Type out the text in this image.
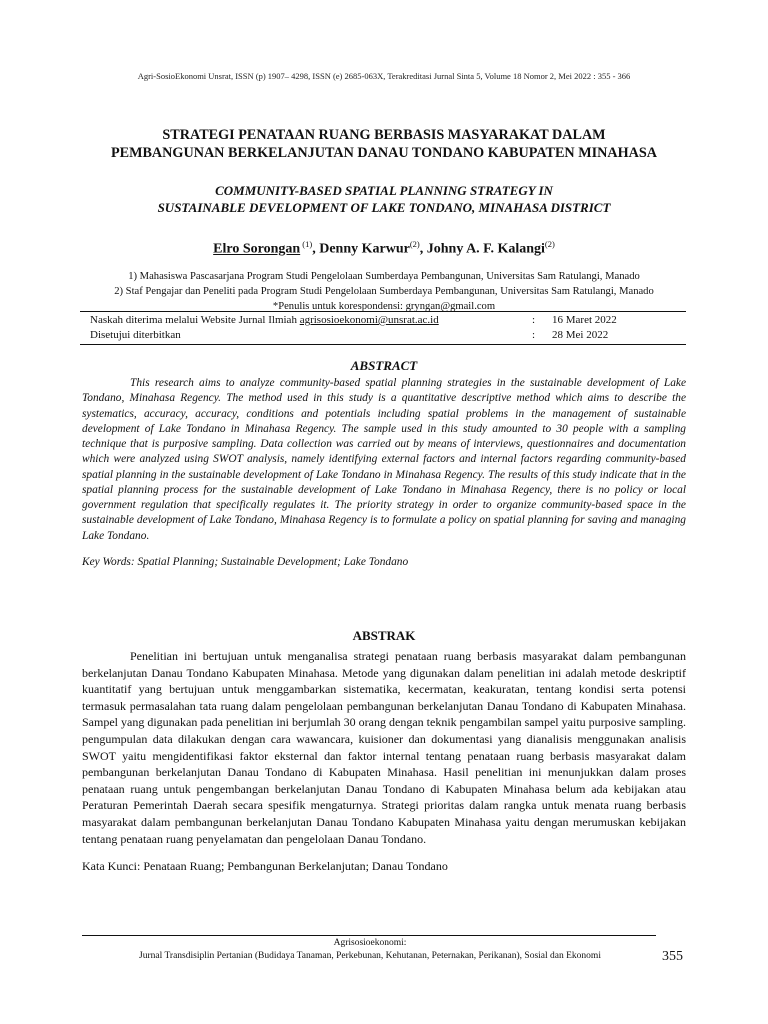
Agri-SosioEkonomi Unsrat, ISSN (p) 1907– 4298, ISSN (e) 2685-063X, Terakreditasi Jurnal Sinta 5, Volume 18 Nomor 2, Mei 2022 : 355 - 366

STRATEGI PENATAAN RUANG BERBASIS MASYARAKAT DALAM
PEMBANGUNAN BERKELANJUTAN DANAU TONDANO KABUPATEN MINAHASA

COMMUNITY-BASED SPATIAL PLANNING STRATEGY IN
SUSTAINABLE DEVELOPMENT OF LAKE TONDANO, MINAHASA DISTRICT

Elro Sorongan $^{(1)}$, Denny Karwur$^{(2)}$, Johny A. F. Kalangi$^{(2)}$
1) Mahasiswa Pascasarjana Program Studi Pengelolaan Sumberdaya Pembangunan, Universitas Sam Ratulangi, Manado
2) Staf Pengajar dan Peneliti pada Program Studi Pengelolaan Sumberdaya Pembangunan, Universitas Sam Ratulangi, Manado
*Penulis untuk korespondensi: gryngan@gmail.com
Naskah diterima melalui Website Jurnal Ilmiah agrisosioekonomi@unsrat.ac.id	:	16 Maret 2022
Disetujui diterbitkan	:	28 Mei 2022
ABSTRACT

This research aims to analyze community-based spatial planning strategies in the sustainable development of Lake Tondano, Minahasa Regency. The method used in this study is a quantitative descriptive method which aims to describe the systematics, accuracy, accuracy, conditions and potentials including spatial problems in the management of sustainable development of Lake Tondano in Minahasa Regency. The sample used in this study amounted to 30 people with a sampling technique that is purposive sampling. Data collection was carried out by means of interviews, questionnaires and documentation which were analyzed using SWOT analysis, namely identifying external factors and internal factors regarding community-based spatial planning in the sustainable development of Lake Tondano in Minahasa Regency. The results of this study indicate that in the spatial planning process for the sustainable development of Lake Tondano in Minahasa Regency, there is no policy or local government regulation that specifically regulates it. The priority strategy in order to organize community-based space in the sustainable development of Lake Tondano, Minahasa Regency is to formulate a policy on spatial planning for saving and managing Lake Tondano.

Key Words: Spatial Planning; Sustainable Development; Lake Tondano
ABSTRAK

Penelitian ini bertujuan untuk menganalisa strategi penataan ruang berbasis masyarakat dalam pembangunan berkelanjutan Danau Tondano Kabupaten Minahasa. Metode yang digunakan dalam penelitian ini adalah metode deskriptif kuantitatif yang bertujuan untuk menggambarkan sistematika, kecermatan, keakuratan, tentang kondisi serta potensi termasuk permasalahan tata ruang dalam pengelolaan pembangunan berkelanjutan Danau Tondano di Kabupaten Minahasa. Sampel yang digunakan pada penelitian ini berjumlah 30 orang dengan teknik pengambilan sampel yaitu purposive sampling. pengumpulan data dilakukan dengan cara wawancara, kuisioner dan dokumentasi yang dianalisis menggunakan analisis SWOT yaitu mengidentifikasi faktor eksternal dan faktor internal tentang penataan ruang berbasis masyarakat dalam pembangunan berkelanjutan Danau Tondano di Kabupaten Minahasa. Hasil penelitian ini menunjukkan dalam proses penataan ruang untuk pengembangan berkelanjutan Danau Tondano di Kabupaten Minahasa belum ada kebijakan atau Peraturan Pemerintah Daerah secara spesifik mengaturnya. Strategi prioritas dalam rangka untuk menata ruang berbasis masyarakat dalam pembangunan berkelanjutan Danau Tondano Kabupaten Minahasa yaitu dengan merumuskan kebijakan tentang penataan ruang penyelamatan dan pengelolaan Danau Tondano.

Kata Kunci: Penataan Ruang; Pembangunan Berkelanjutan; Danau Tondano
Agrisosioekonomi:
Jurnal Transdisiplin Pertanian (Budidaya Tanaman, Perkebunan, Kehutanan, Peternakan, Perikanan), Sosial dan Ekonomi	355
